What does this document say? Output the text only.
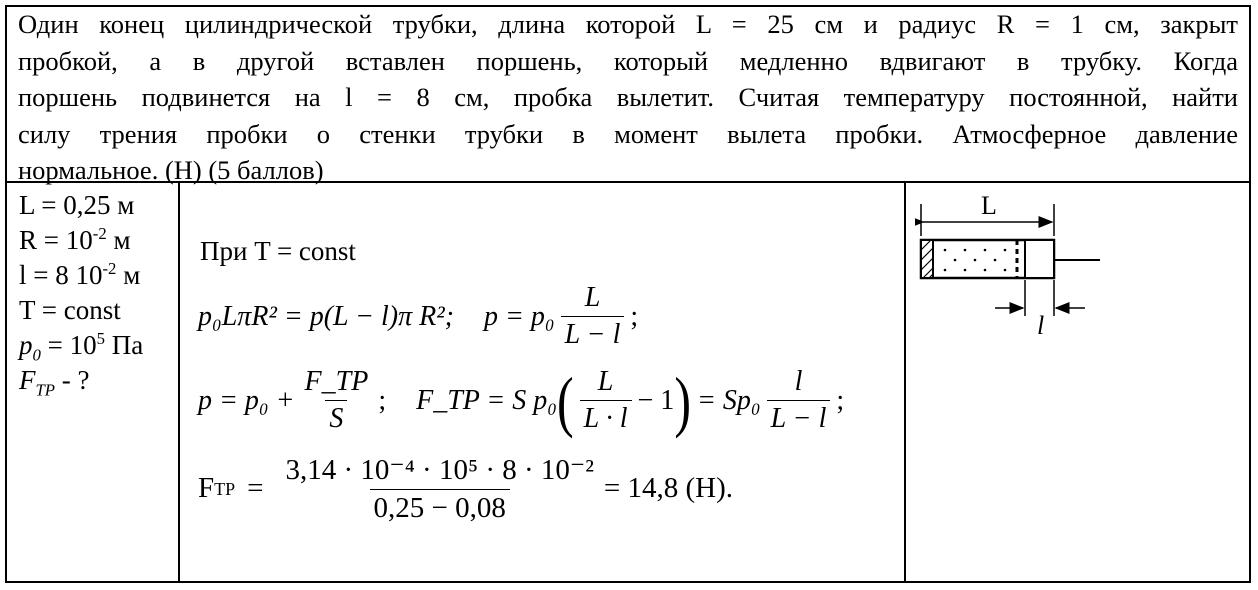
Один конец цилиндрической трубки, длина которой L = 25 см и радиус R = 1 см, закрыт
пробкой, а в другой вставлен поршень, который медленно вдвигают в трубку. Когда
поршень подвинется на l = 8 см, пробка вылетит. Считая температуру постоянной, найти
силу трения пробки о стенки трубки в момент вылета пробки. Атмосферное давление
нормальное. (Н) (5 баллов)
L = 0,25 м
$R = 10^{-2}$ м
l = 8 $10^{-2}$ м
T = const
$p_0 = 10^5$ Па
$F_{TP}$ - ?
При T = const
p₀LπR² = p(L − l)π R²; $p = p_0 \frac{L}{L - l}$ ;
$p = p_0 + \frac{F\_TP}{S}$ ; F_TP = S p₀ ( $\frac{L}{L \cdot l} - 1$ ) = $Sp_0 \frac{l}{L - l}$ ;
F TP = $\frac{\text{3,14 · 10⁻⁴ · 10⁵ · 8 · 10⁻²}}{0,25 - 0,08} = 14,8$ (Н).
L
l
